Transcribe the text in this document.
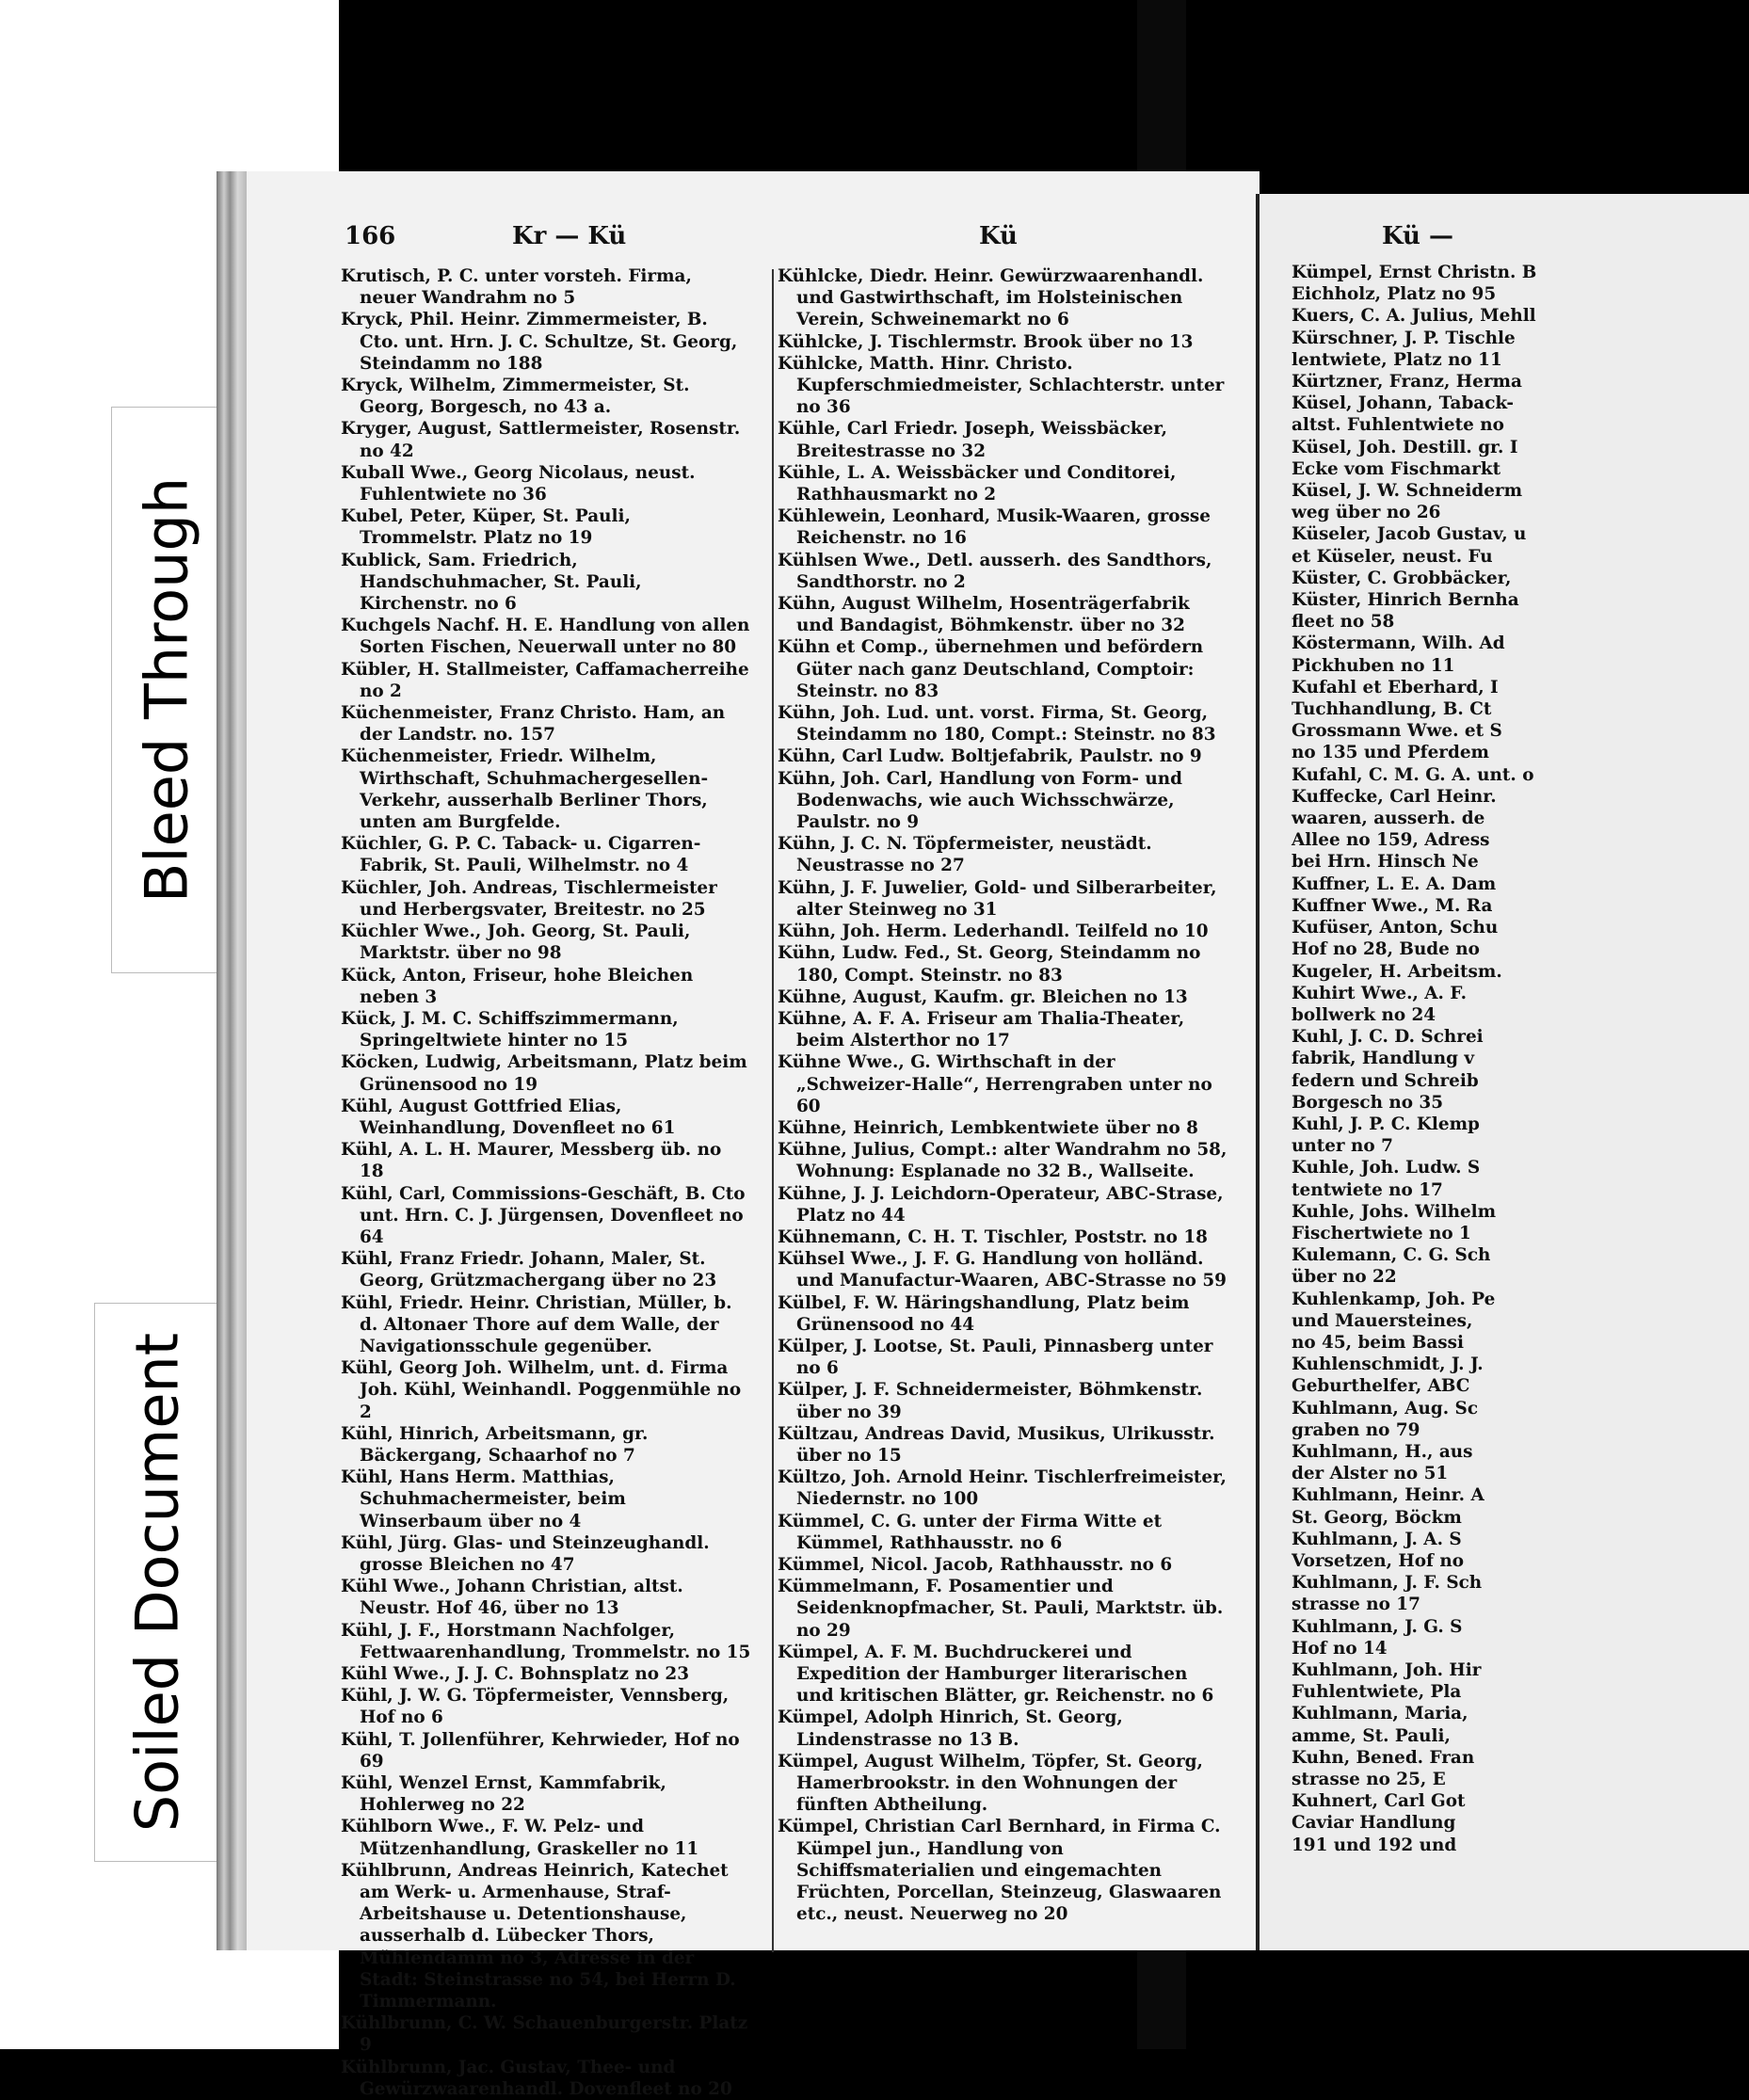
Bleed Through
Soiled Document
166	Kr — Kü	Kü
Krutisch, P. C. unter vorsteh. Firma, neuer Wandrahm no 5
Kryck, Phil. Heinr. Zimmermeister, B. Cto. unt. Hrn. J. C. Schultze, St. Georg, Steindamm no 188
Kryck, Wilhelm, Zimmermeister, St. Georg, Borgesch, no 43 a.
Kryger, August, Sattlermeister, Rosenstr. no 42
Kuball Wwe., Georg Nicolaus, neust. Fuhlentwiete no 36
Kubel, Peter, Küper, St. Pauli, Trommelstr. Platz no 19
Kublick, Sam. Friedrich, Handschuhmacher, St. Pauli, Kirchenstr. no 6
Kuchgels Nachf. H. E. Handlung von allen Sorten Fischen, Neuerwall unter no 80
Kübler, H. Stallmeister, Caffamacherreihe no 2
Küchenmeister, Franz Christo. Ham, an der Landstr. no. 157
Küchenmeister, Friedr. Wilhelm, Wirthschaft, Schuhmachergesellen-Verkehr, ausserhalb Berliner Thors, unten am Burgfelde.
Küchler, G. P. C. Taback- u. Cigarren-Fabrik, St. Pauli, Wilhelmstr. no 4
Küchler, Joh. Andreas, Tischlermeister und Herbergsvater, Breitestr. no 25
Küchler Wwe., Joh. Georg, St. Pauli, Marktstr. über no 98
Kück, Anton, Friseur, hohe Bleichen neben 3
Kück, J. M. C. Schiffszimmermann, Springeltwiete hinter no 15
Köcken, Ludwig, Arbeitsmann, Platz beim Grünensood no 19
Kühl, August Gottfried Elias, Weinhandlung, Dovenfleet no 61
Kühl, A. L. H. Maurer, Messberg üb. no 18
Kühl, Carl, Commissions-Geschäft, B. Cto unt. Hrn. C. J. Jürgensen, Dovenfleet no 64
Kühl, Franz Friedr. Johann, Maler, St. Georg, Grützmachergang über no 23
Kühl, Friedr. Heinr. Christian, Müller, b. d. Altonaer Thore auf dem Walle, der Navigationsschule gegenüber.
Kühl, Georg Joh. Wilhelm, unt. d. Firma Joh. Kühl, Weinhandl. Poggenmühle no 2
Kühl, Hinrich, Arbeitsmann, gr. Bäckergang, Schaarhof no 7
Kühl, Hans Herm. Matthias, Schuhmachermeister, beim Winserbaum über no 4
Kühl, Jürg. Glas- und Steinzeughandl. grosse Bleichen no 47
Kühl Wwe., Johann Christian, altst. Neustr. Hof 46, über no 13
Kühl, J. F., Horstmann Nachfolger, Fettwaarenhandlung, Trommelstr. no 15
Kühl Wwe., J. J. C. Bohnsplatz no 23
Kühl, J. W. G. Töpfermeister, Vennsberg, Hof no 6
Kühl, T. Jollenführer, Kehrwieder, Hof no 69
Kühl, Wenzel Ernst, Kammfabrik, Hohlerweg no 22
Kühlborn Wwe., F. W. Pelz- und Mützenhandlung, Graskeller no 11
Kühlbrunn, Andreas Heinrich, Katechet am Werk- u. Armenhause, Straf-Arbeitshause u. Detentionshause, ausserhalb d. Lübecker Thors, Mühlendamm no 3, Adresse in der Stadt: Steinstrasse no 54, bei Herrn D. Timmermann.
Kühlbrunn, C. W. Schauenburgerstr. Platz 9
Kühlbrunn, Jac. Gustav, Thee- und Gewürzwaarenhandl. Dovenfleet no 20
Kühlcke, Diedr. Heinr. Gewürzwaarenhandl. und Gastwirthschaft, im Holsteinischen Verein, Schweinemarkt no 6
Kühlcke, J. Tischlermstr. Brook über no 13
Kühlcke, Matth. Hinr. Christo. Kupferschmiedmeister, Schlachterstr. unter no 36
Kühle, Carl Friedr. Joseph, Weissbäcker, Breitestrasse no 32
Kühle, L. A. Weissbäcker und Conditorei, Rathhausmarkt no 2
Kühlewein, Leonhard, Musik-Waaren, grosse Reichenstr. no 16
Kühlsen Wwe., Detl. ausserh. des Sandthors, Sandthorstr. no 2
Kühn, August Wilhelm, Hosenträgerfabrik und Bandagist, Böhmkenstr. über no 32
Kühn et Comp., übernehmen und befördern Güter nach ganz Deutschland, Comptoir: Steinstr. no 83
Kühn, Joh. Lud. unt. vorst. Firma, St. Georg, Steindamm no 180, Compt.: Steinstr. no 83
Kühn, Carl Ludw. Boltjefabrik, Paulstr. no 9
Kühn, Joh. Carl, Handlung von Form- und Bodenwachs, wie auch Wichsschwärze, Paulstr. no 9
Kühn, J. C. N. Töpfermeister, neustädt. Neustrasse no 27
Kühn, J. F. Juwelier, Gold- und Silberarbeiter, alter Steinweg no 31
Kühn, Joh. Herm. Lederhandl. Teilfeld no 10
Kühn, Ludw. Fed., St. Georg, Steindamm no 180, Compt. Steinstr. no 83
Kühne, August, Kaufm. gr. Bleichen no 13
Kühne, A. F. A. Friseur am Thalia-Theater, beim Alsterthor no 17
Kühne Wwe., G. Wirthschaft in der „Schweizer-Halle“, Herrengraben unter no 60
Kühne, Heinrich, Lembkentwiete über no 8
Kühne, Julius, Compt.: alter Wandrahm no 58, Wohnung: Esplanade no 32 B., Wallseite.
Kühne, J. J. Leichdorn-Operateur, ABC-Strase, Platz no 44
Kühnemann, C. H. T. Tischler, Poststr. no 18
Kühsel Wwe., J. F. G. Handlung von holländ. und Manufactur-Waaren, ABC-Strasse no 59
Külbel, F. W. Häringshandlung, Platz beim Grünensood no 44
Külper, J. Lootse, St. Pauli, Pinnasberg unter no 6
Külper, J. F. Schneidermeister, Böhmkenstr. über no 39
Kültzau, Andreas David, Musikus, Ulrikusstr. über no 15
Kültzo, Joh. Arnold Heinr. Tischlerfreimeister, Niedernstr. no 100
Kümmel, C. G. unter der Firma Witte et Kümmel, Rathhausstr. no 6
Kümmel, Nicol. Jacob, Rathhausstr. no 6
Kümmelmann, F. Posamentier und Seidenknopfmacher, St. Pauli, Marktstr. üb. no 29
Kümpel, A. F. M. Buchdruckerei und Expedition der Hamburger literarischen und kritischen Blätter, gr. Reichenstr. no 6
Kümpel, Adolph Hinrich, St. Georg, Lindenstrasse no 13 B.
Kümpel, August Wilhelm, Töpfer, St. Georg, Hamerbrookstr. in den Wohnungen der fünften Abtheilung.
Kümpel, Christian Carl Bernhard, in Firma C. Kümpel jun., Handlung von Schiffsmaterialien und eingemachten Früchten, Porcellan, Steinzeug, Glaswaaren etc., neust. Neuerweg no 20
Kü —
Kümpel, Ernst Christn. B
Eichholz, Platz no 95
Kuers, C. A. Julius, Mehll
Kürschner, J. P. Tischle
lentwiete, Platz no 11
Kürtzner, Franz, Herma
Küsel, Johann, Taback-
altst. Fuhlentwiete no
Küsel, Joh. Destill. gr. I
Ecke vom Fischmarkt
Küsel, J. W. Schneiderm
weg über no 26
Küseler, Jacob Gustav, u
et Küseler, neust. Fu
Küster, C. Grobbäcker,
Küster, Hinrich Bernha
fleet no 58
Köstermann, Wilh. Ad
Pickhuben no 11
Kufahl et Eberhard, I
Tuchhandlung, B. Ct
Grossmann Wwe. et S
no 135 und Pferdem
Kufahl, C. M. G. A. unt. o
Kuffecke, Carl Heinr.
waaren, ausserh. de
Allee no 159, Adress
bei Hrn. Hinsch Ne
Kuffner, L. E. A. Dam
Kuffner Wwe., M. Ra
Kufüser, Anton, Schu
Hof no 28, Bude no
Kugeler, H. Arbeitsm.
Kuhirt Wwe., A. F.
bollwerk no 24
Kuhl, J. C. D. Schrei
fabrik, Handlung v
federn und Schreib
Borgesch no 35
Kuhl, J. P. C. Klemp
unter no 7
Kuhle, Joh. Ludw. S
tentwiete no 17
Kuhle, Johs. Wilhelm
Fischertwiete no 1
Kulemann, C. G. Sch
über no 22
Kuhlenkamp, Joh. Pe
und Mauersteines,
no 45, beim Bassi
Kuhlenschmidt, J. J.
Geburthelfer, ABC
Kuhlmann, Aug. Sc
graben no 79
Kuhlmann, H., aus
der Alster no 51
Kuhlmann, Heinr. A
St. Georg, Böckm
Kuhlmann, J. A. S
Vorsetzen, Hof no
Kuhlmann, J. F. Sch
strasse no 17
Kuhlmann, J. G. S
Hof no 14
Kuhlmann, Joh. Hir
Fuhlentwiete, Pla
Kuhlmann, Maria,
amme, St. Pauli,
Kuhn, Bened. Fran
strasse no 25, E
Kuhnert, Carl Got
Caviar Handlung
191 und 192 und
